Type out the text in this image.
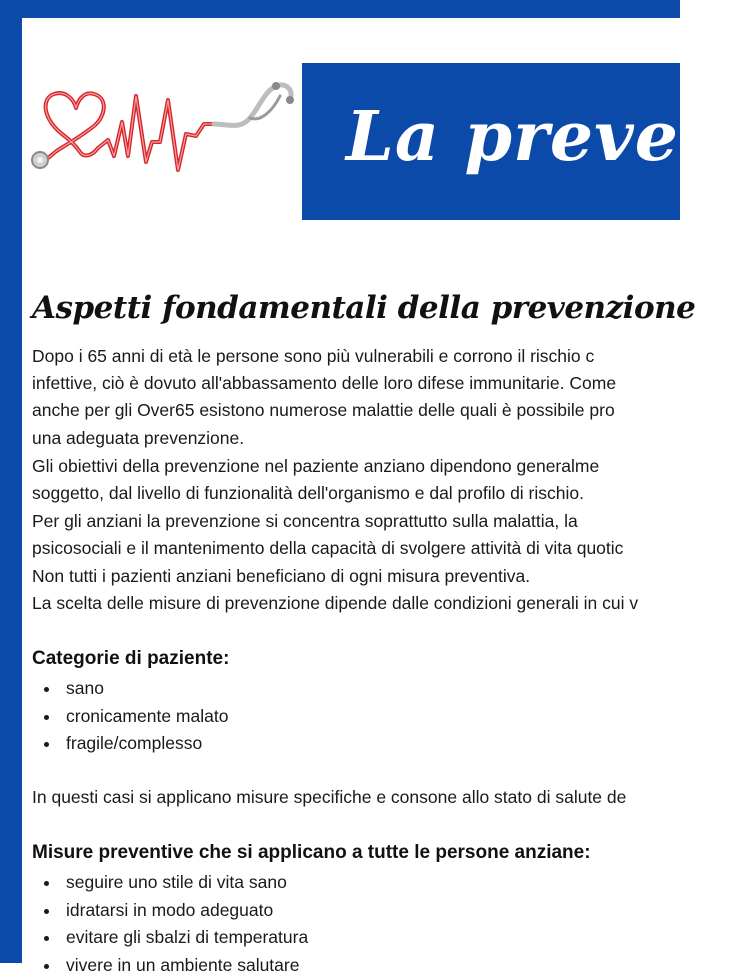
La preven
Aspetti fondamentali della prevenzione

Dopo i 65 anni di età le persone sono più vulnerabili e corrono il rischio c

infettive, ciò è dovuto all'abbassamento delle loro difese immunitarie. Come

anche per gli Over65 esistono numerose malattie delle quali è possibile pro

una adeguata prevenzione.

Gli obiettivi della prevenzione nel paziente anziano dipendono generalme

soggetto, dal livello di funzionalità dell'organismo e dal profilo di rischio.

Per gli anziani la prevenzione si concentra soprattutto sulla malattia, la

psicosociali e il mantenimento della capacità di svolgere attività di vita quotic

Non tutti i pazienti anziani beneficiano di ogni misura preventiva.

La scelta delle misure di prevenzione dipende dalle condizioni generali in cui v

Categorie di paziente:
sano
cronicamente malato
fragile/complesso

In questi casi si applicano misure specifiche e consone allo stato di salute de

Misure preventive che si applicano a tutte le persone anziane:
seguire uno stile di vita sano
idratarsi in modo adeguato
evitare gli sbalzi di temperatura
vivere in un ambiente salutare
